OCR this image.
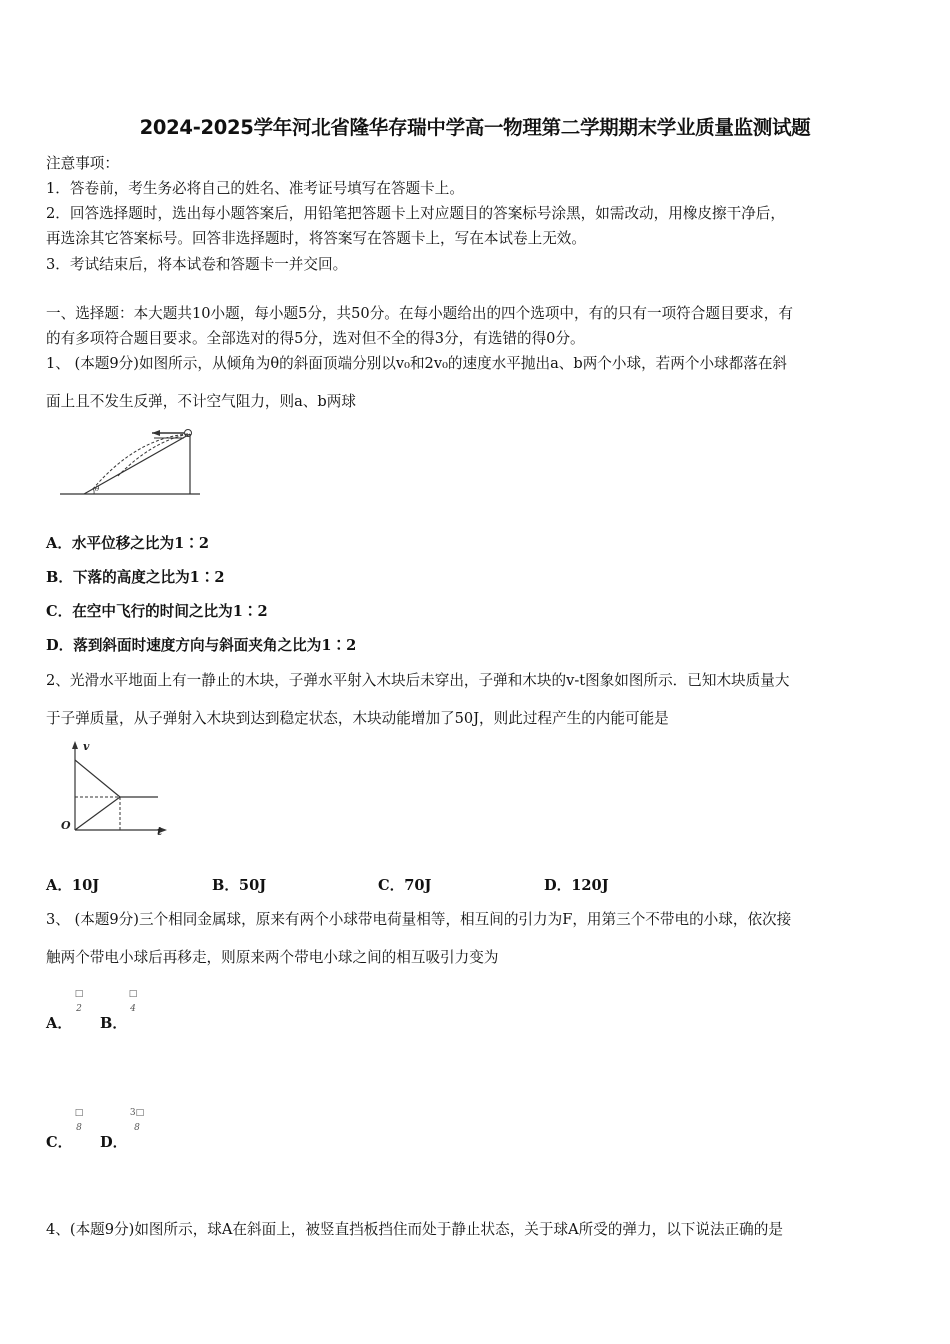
2024-2025学年河北省隆华存瑞中学高一物理第二学期期末学业质量监测试题
注意事项：
1．答卷前，考生务必将自己的姓名、准考证号填写在答题卡上。
2．回答选择题时，选出每小题答案后，用铅笔把答题卡上对应题目的答案标号涂黑，如需改动，用橡皮擦干净后，
再选涂其它答案标号。回答非选择题时，将答案写在答题卡上，写在本试卷上无效。
3．考试结束后，将本试卷和答题卡一并交回。
一、选择题：本大题共10小题，每小题5分，共50分。在每小题给出的四个选项中，有的只有一项符合题目要求，有
的有多项符合题目要求。全部选对的得5分，选对但不全的得3分，有选错的得0分。
1、 (本题9分)如图所示，从倾角为θ的斜面顶端分别以v₀和2v₀的速度水平抛出a、b两个小球，若两个小球都落在斜
面上且不发生反弹，不计空气阻力，则a、b两球
θ
A．水平位移之比为1∶2
B．下落的高度之比为1∶2
C．在空中飞行的时间之比为1∶2
D．落到斜面时速度方向与斜面夹角之比为1∶2
2、光滑水平地面上有一静止的木块，子弹水平射入木块后未穿出，子弹和木块的v-t图象如图所示．已知木块质量大
于子弹质量，从子弹射入木块到达到稳定状态，木块动能增加了50J，则此过程产生的内能可能是
v
t
O
A．10J	B．50J	C．70J	D．120J
3、 (本题9分)三个相同金属球，原来有两个小球带电荷量相等，相互间的引力为F，用第三个不带电的小球，依次接
触两个带电小球后再移走，则原来两个带电小球之间的相互吸引力变为
A．
□
2
B．
□
4
C．
□
8
D．
3□
8
4、(本题9分)如图所示，球A在斜面上，被竖直挡板挡住而处于静止状态，关于球A所受的弹力，以下说法正确的是
